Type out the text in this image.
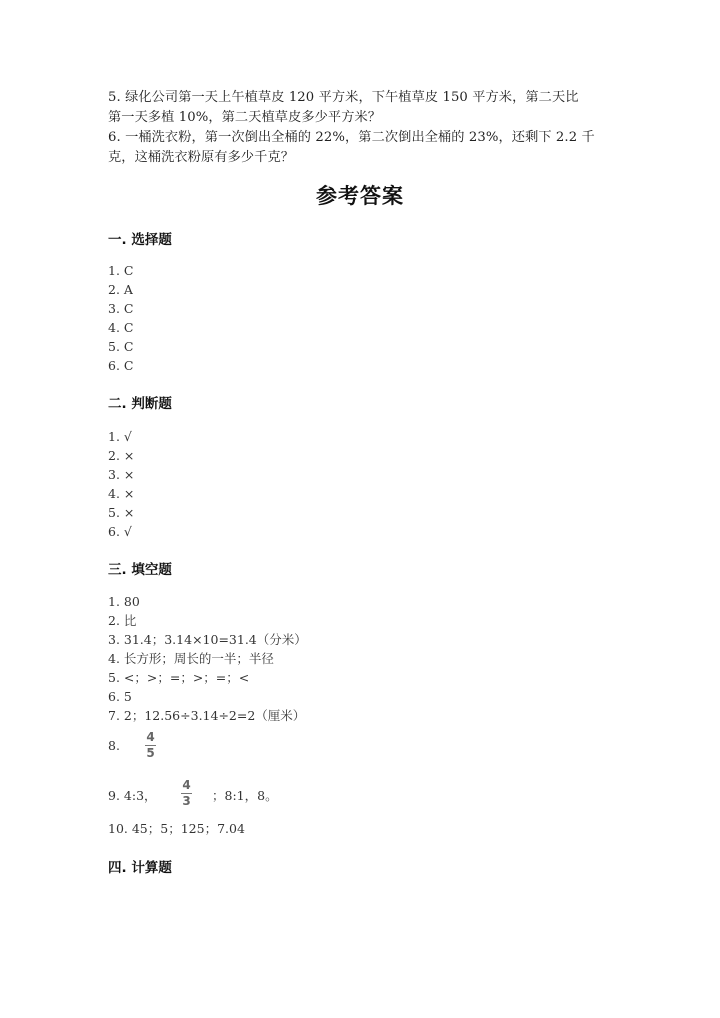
5. 绿化公司第一天上午植草皮 120 平方米，下午植草皮 150 平方米，第二天比
第一天多植 10%，第二天植草皮多少平方米？
6. 一桶洗衣粉，第一次倒出全桶的 22%，第二次倒出全桶的 23%，还剩下 2.2 千
克，这桶洗衣粉原有多少千克？
参考答案
一. 选择题
1. C
2. A
3. C
4. C
5. C
6. C
二. 判断题
1. √
2. ×
3. ×
4. ×
5. ×
6. √
三. 填空题
1. 80
2. 比
3. 31.4；3.14×10=31.4（分米）
4. 长方形；周长的一半；半径
5. <；>；=；>；=；<
6. 5
7. 2；12.56÷3.14÷2=2（厘米）
8.
4
5
9. 4:3，
4
3 ；8:1，8。
10. 45；5；125；7.04
四. 计算题
